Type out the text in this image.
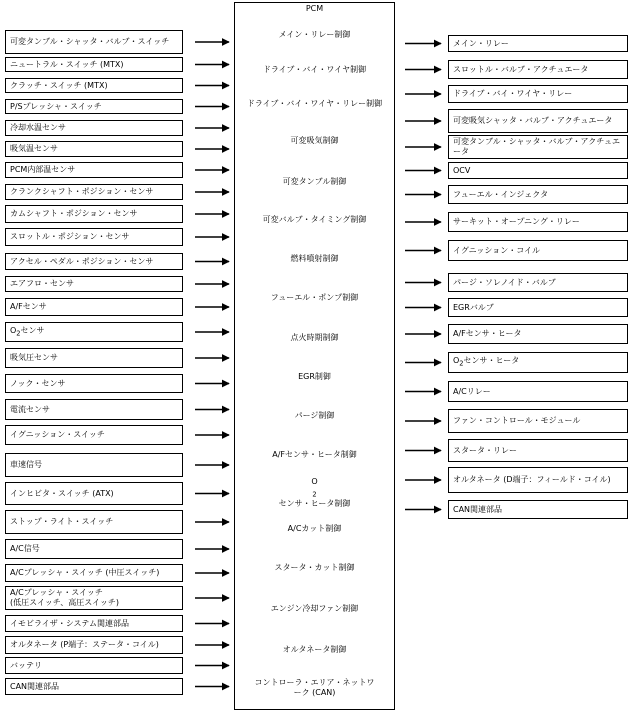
PCM
可変タンブル・シャッタ・バルブ・スイッチ
ニュートラル・スイッチ (MTX)
クラッチ・スイッチ (MTX)
P/Sプレッシャ・スイッチ
冷却水温センサ
吸気温センサ
PCM内部温センサ
クランクシャフト・ポジション・センサ
カムシャフト・ポジション・センサ
スロットル・ポジション・センサ
アクセル・ペダル・ポジション・センサ
エアフロ・センサ
A/Fセンサ
$O_2$センサ
吸気圧センサ
ノック・センサ
電流センサ
イグニッション・スイッチ
車速信号
インヒビタ・スイッチ (ATX)
ストップ・ライト・スイッチ
A/C信号
A/Cプレッシャ・スイッチ (中圧スイッチ)
A/Cプレッシャ・スイッチ
(低圧スイッチ、高圧スイッチ)
イモビライザ・システム関連部品
オルタネータ (P端子：ステータ・コイル)
バッテリ
CAN関連部品
メイン・リレー制御
ドライブ・バイ・ワイヤ制御
ドライブ・バイ・ワイヤ・リレー制御
可変吸気制御
可変タンブル制御
可変バルブ・タイミング制御
燃料噴射制御
フューエル・ポンプ制御
点火時期制御
EGR制御
パージ制御
A/Fセンサ・ヒータ制御
O
$_2$
センサ・ヒータ制御
A/Cカット制御
スタータ・カット制御
エンジン冷却ファン制御
オルタネータ制御
コントローラ・エリア・ネットワーク (CAN)
メイン・リレー
スロットル・バルブ・アクチュエータ
ドライブ・バイ・ワイヤ・リレー
可変吸気シャッタ・バルブ・アクチュエータ
可変タンブル・シャッタ・バルブ・アクチュエータ
OCV
フューエル・インジェクタ
サーキット・オープニング・リレー
イグニッション・コイル
パージ・ソレノイド・バルブ
EGRバルブ
A/Fセンサ・ヒータ
$O_2$センサ・ヒータ
A/Cリレー
ファン・コントロール・モジュール
スタータ・リレー
オルタネータ (D端子：フィールド・コイル)
CAN関連部品
